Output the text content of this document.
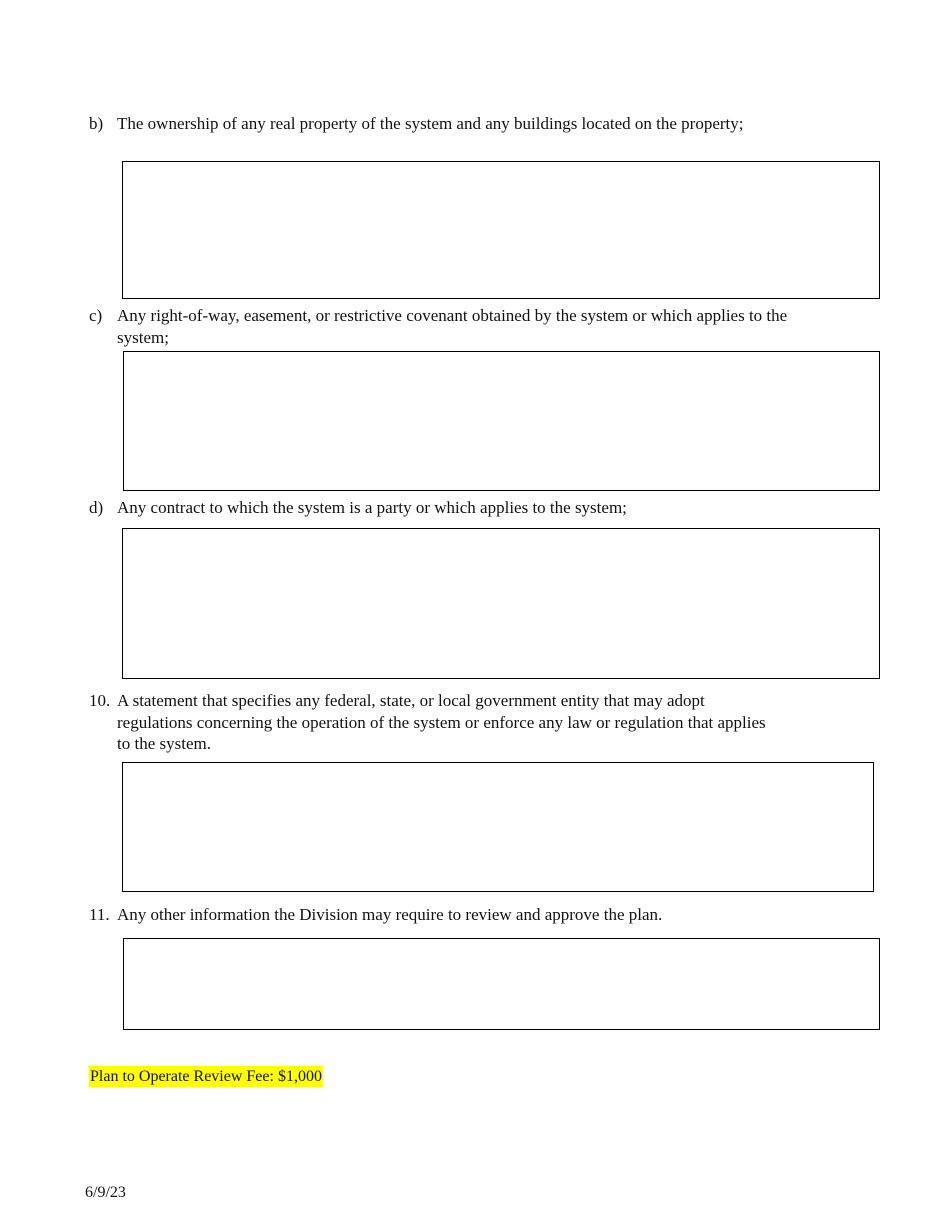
b) The ownership of any real property of the system and any buildings located on the property;
c) Any right-of-way, easement, or restrictive covenant obtained by the system or which applies to the system;
d) Any contract to which the system is a party or which applies to the system;
10. A statement that specifies any federal, state, or local government entity that may adopt regulations concerning the operation of the system or enforce any law or regulation that applies to the system.
11. Any other information the Division may require to review and approve the plan.
Plan to Operate Review Fee: $1,000
6/9/23
